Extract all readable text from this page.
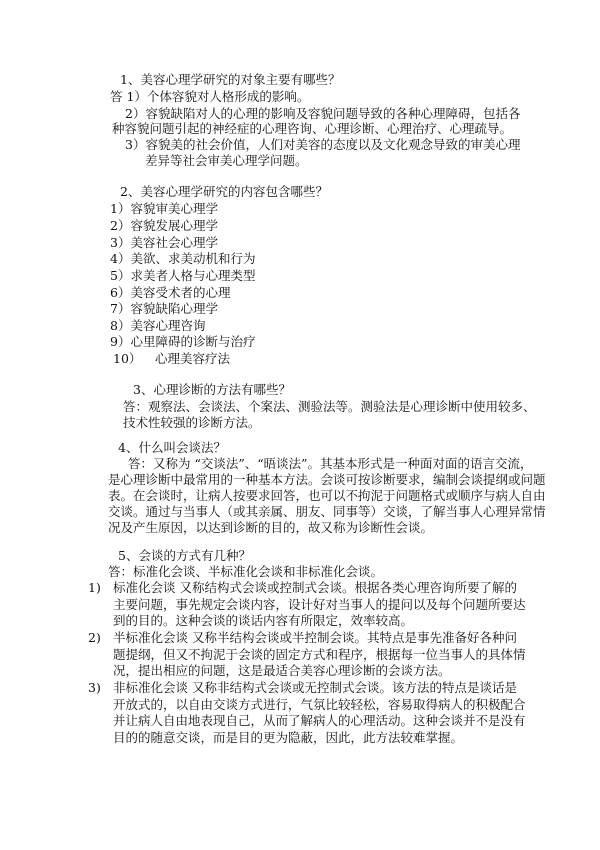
1、美容心理学研究的对象主要有哪些？
答 1）个体容貌对人格形成的影响。
2）容貌缺陷对人的心理的影响及容貌问题导致的各种心理障碍，包括各
种容貌问题引起的神经症的心理咨询、心理诊断、心理治疗、心理疏导。
3）容貌美的社会价值，人们对美容的态度以及文化观念导致的审美心理
差异等社会审美心理学问题。
2、美容心理学研究的内容包含哪些？
1）容貌审美心理学
2）容貌发展心理学
3）美容社会心理学
4）美欲、求美动机和行为
5）求美者人格与心理类型
6）美容受术者的心理
7）容貌缺陷心理学
8）美容心理咨询
9）心里障碍的诊断与治疗
10） 心理美容疗法
3、心理诊断的方法有哪些？
答：观察法、会谈法、个案法、测验法等。测验法是心理诊断中使用较多、
技术性较强的诊断方法。
4、什么叫会谈法？
答：又称为 “交谈法”、“晤谈法”。其基本形式是一种面对面的语言交流，
是心理诊断中最常用的一种基本方法。会谈可按诊断要求，编制会谈提纲或问题
表。在会谈时，让病人按要求回答，也可以不拘泥于问题格式或顺序与病人自由
交谈。通过与当事人（或其亲属、朋友、同事等）交谈，了解当事人心理异常情
况及产生原因，以达到诊断的目的，故又称为诊断性会谈。
5、会谈的方式有几种？
答：标准化会谈、半标准化会谈和非标准化会谈。
1) 标准化会谈 又称结构式会谈或控制式会谈。根据各类心理咨询所要了解的
主要问题，事先规定会谈内容，设计好对当事人的提问以及每个问题所要达
到的目的。这种会谈的谈话内容有所限定，效率较高。
2) 半标准化会谈 又称半结构会谈或半控制会谈。其特点是事先准备好各种问
题提纲，但又不拘泥于会谈的固定方式和程序，根据每一位当事人的具体情
况，提出相应的问题，这是最适合美容心理诊断的会谈方法。
3) 非标准化会谈 又称非结构式会谈或无控制式会谈。该方法的特点是谈话是
开放式的，以自由交谈方式进行，气氛比较轻松，容易取得病人的积极配合
并让病人自由地表现自己，从而了解病人的心理活动。这种会谈并不是没有
目的的随意交谈，而是目的更为隐蔽，因此，此方法较难掌握。
